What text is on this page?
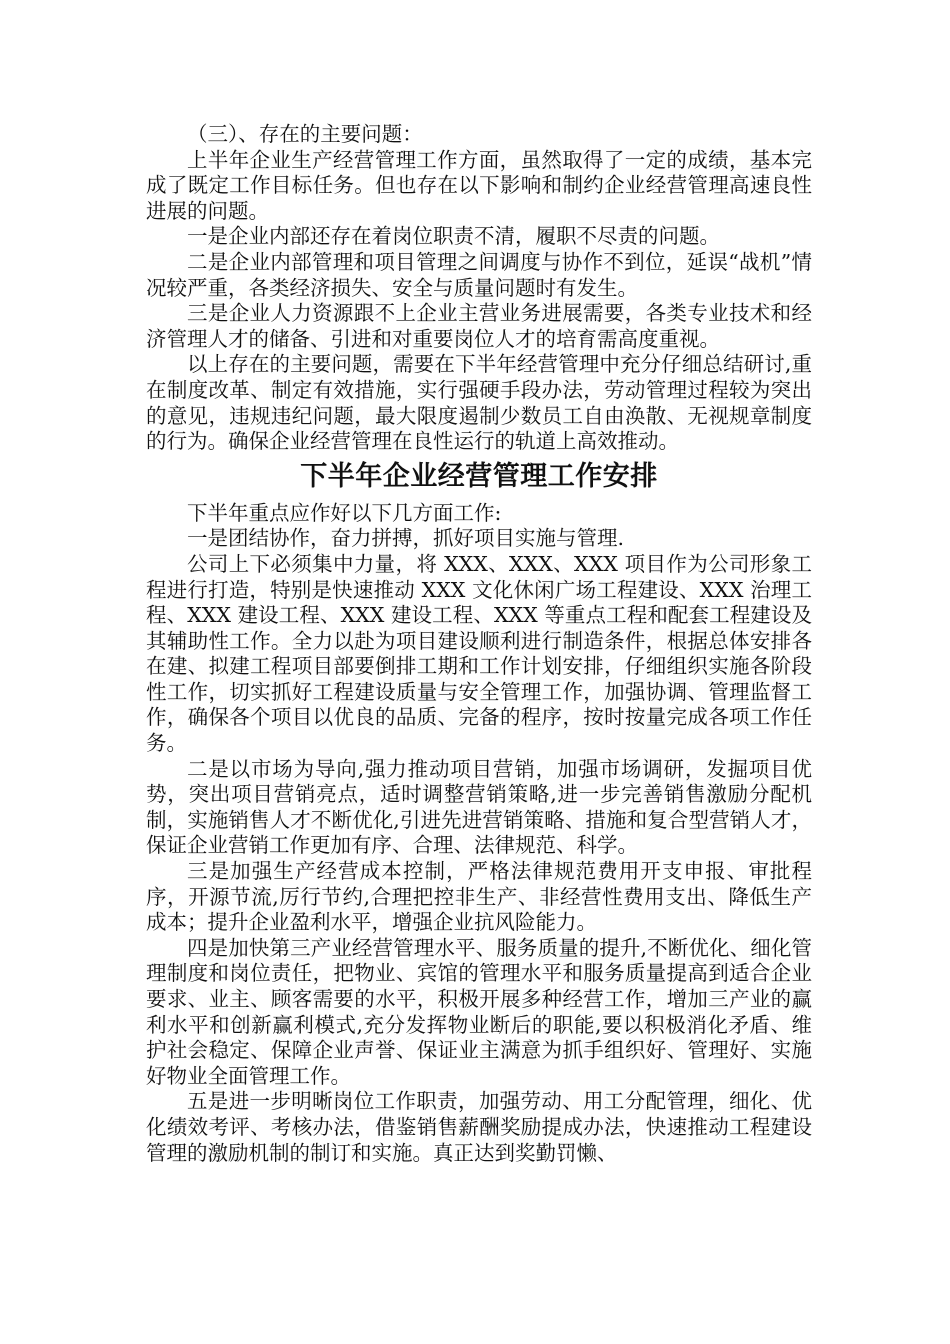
（三）、存在的主要问题：

上半年企业生产经营管理工作方面，虽然取得了一定的成绩，基本完成了既定工作目标任务。但也存在以下影响和制约企业经营管理高速良性进展的问题。

一是企业内部还存在着岗位职责不清，履职不尽责的问题。

二是企业内部管理和项目管理之间调度与协作不到位，延误“战机”情况较严重，各类经济损失、安全与质量问题时有发生。

三是企业人力资源跟不上企业主营业务进展需要，各类专业技术和经济管理人才的储备、引进和对重要岗位人才的培育需高度重视。

以上存在的主要问题，需要在下半年经营管理中充分仔细总结研讨,重在制度改革、制定有效措施，实行强硬手段办法，劳动管理过程较为突出的意见，违规违纪问题，最大限度遏制少数员工自由涣散、无视规章制度的行为。确保企业经营管理在良性运行的轨道上高效推动。

下半年企业经营管理工作安排

下半年重点应作好以下几方面工作:

一是团结协作，奋力拼搏，抓好项目实施与管理.

公司上下必须集中力量，将 XXX、XXX、XXX 项目作为公司形象工程进行打造，特别是快速推动 XXX 文化休闲广场工程建设、XXX 治理工程、XXX 建设工程、XXX 建设工程、XXX 等重点工程和配套工程建设及其辅助性工作。全力以赴为项目建设顺利进行制造条件，根据总体安排各在建、拟建工程项目部要倒排工期和工作计划安排，仔细组织实施各阶段性工作，切实抓好工程建设质量与安全管理工作，加强协调、管理监督工作，确保各个项目以优良的品质、完备的程序，按时按量完成各项工作任务。

二是以市场为导向,强力推动项目营销，加强市场调研，发掘项目优势，突出项目营销亮点，适时调整营销策略,进一步完善销售激励分配机制，实施销售人才不断优化,引进先进营销策略、措施和复合型营销人才，保证企业营销工作更加有序、合理、法律规范、科学。

三是加强生产经营成本控制，严格法律规范费用开支申报、审批程序，开源节流,厉行节约,合理把控非生产、非经营性费用支出、降低生产成本；提升企业盈利水平，增强企业抗风险能力。

四是加快第三产业经营管理水平、服务质量的提升,不断优化、细化管理制度和岗位责任，把物业、宾馆的管理水平和服务质量提高到适合企业要求、业主、顾客需要的水平，积极开展多种经营工作，增加三产业的赢利水平和创新赢利模式,充分发挥物业断后的职能,要以积极消化矛盾、维护社会稳定、保障企业声誉、保证业主满意为抓手组织好、管理好、实施好物业全面管理工作。

五是进一步明晰岗位工作职责，加强劳动、用工分配管理，细化、优化绩效考评、考核办法，借鉴销售薪酬奖励提成办法，快速推动工程建设管理的激励机制的制订和实施。真正达到奖勤罚懒、
